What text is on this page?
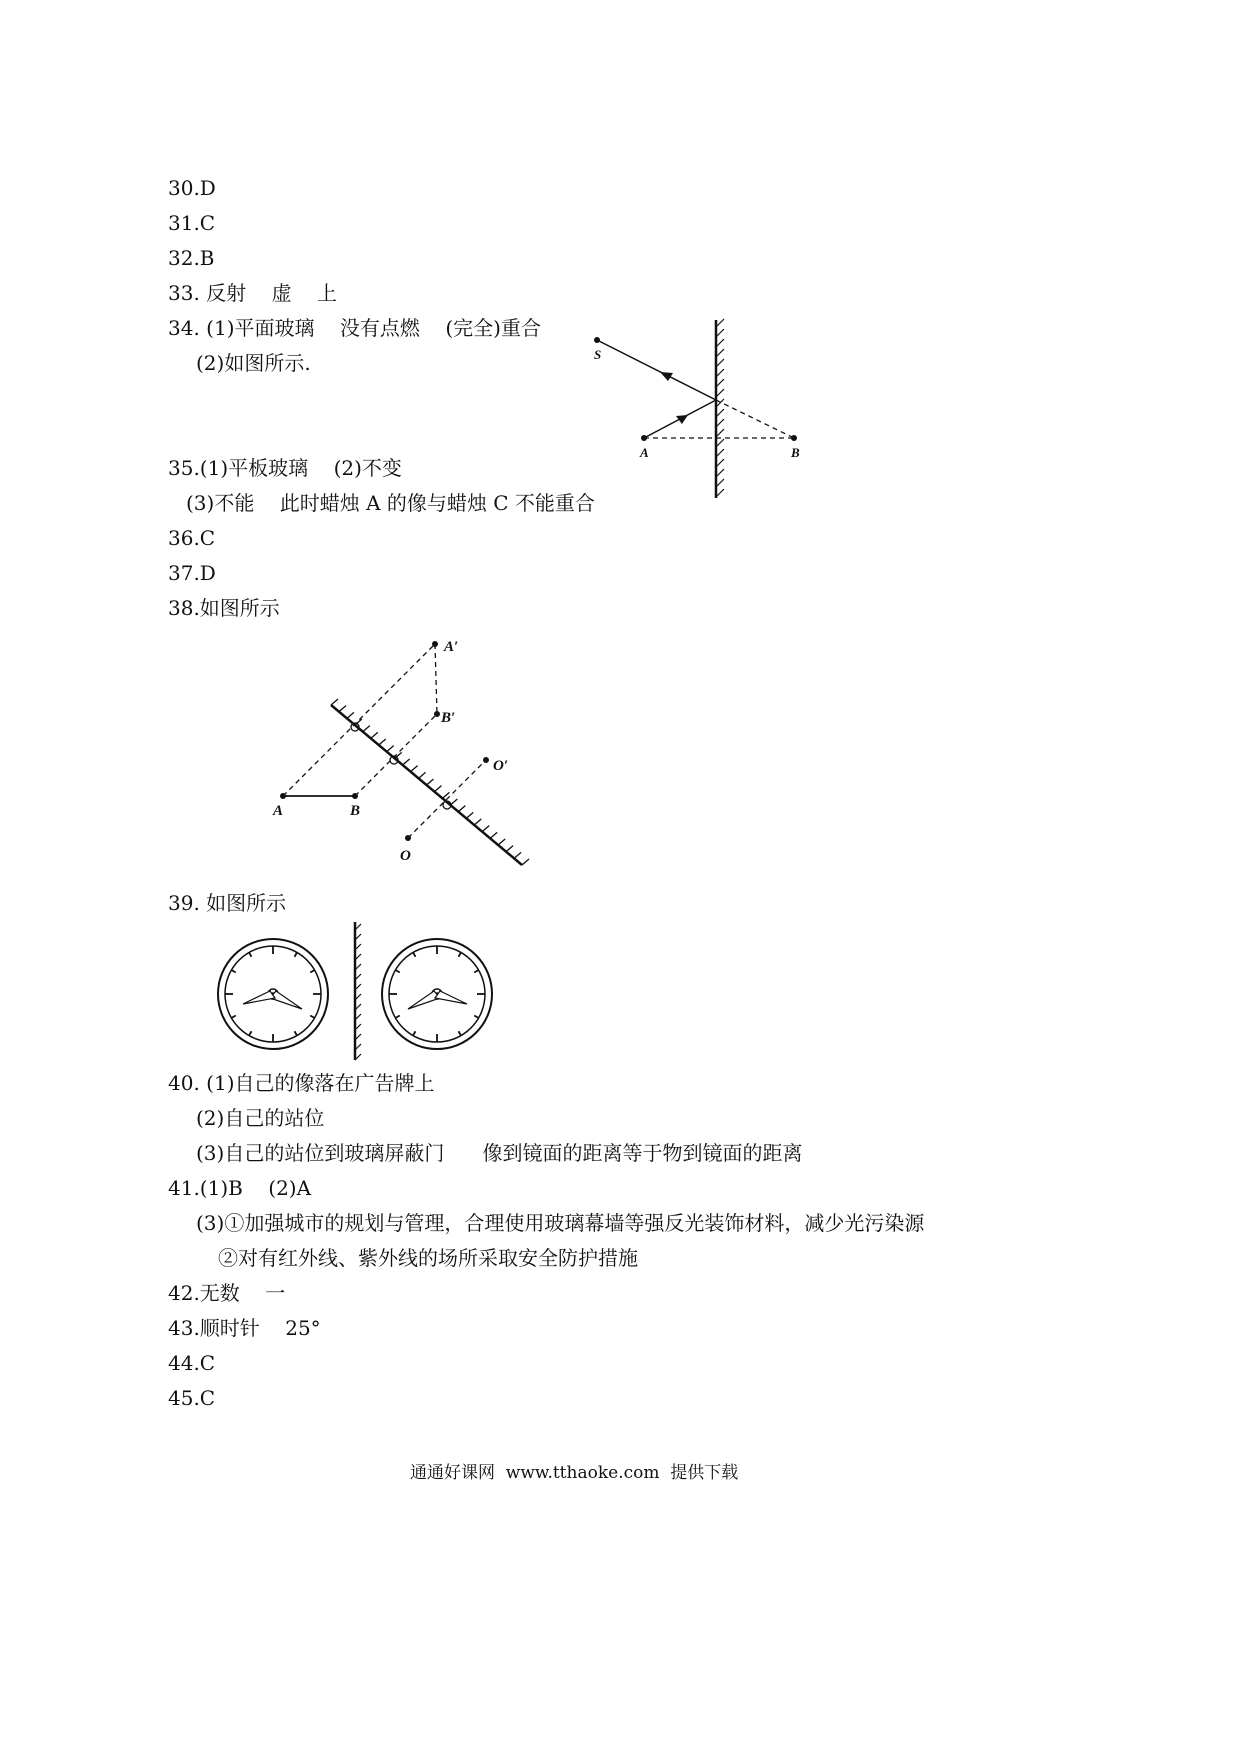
30.D
31.C
32.B
33. 反射    虚    上
34. (1)平面玻璃    没有点燃    (完全)重合
(2)如图所示.
35.(1)平板玻璃    (2)不变
(3)不能    此时蜡烛 A 的像与蜡烛 C 不能重合
36.C
37.D
38.如图所示
39. 如图所示
40. (1)自己的像落在广告牌上
(2)自己的站位
(3)自己的站位到玻璃屏蔽门      像到镜面的距离等于物到镜面的距离
41.(1)B    (2)A
(3)①加强城市的规划与管理，合理使用玻璃幕墙等强反光装饰材料，减少光污染源
②对有红外线、紫外线的场所采取安全防护措施
42.无数    一
43.顺时针    25°
44.C
45.C
S
A	B
A	B
A′
B′
O
O′
通通好课网  www.tthaoke.com  提供下载
